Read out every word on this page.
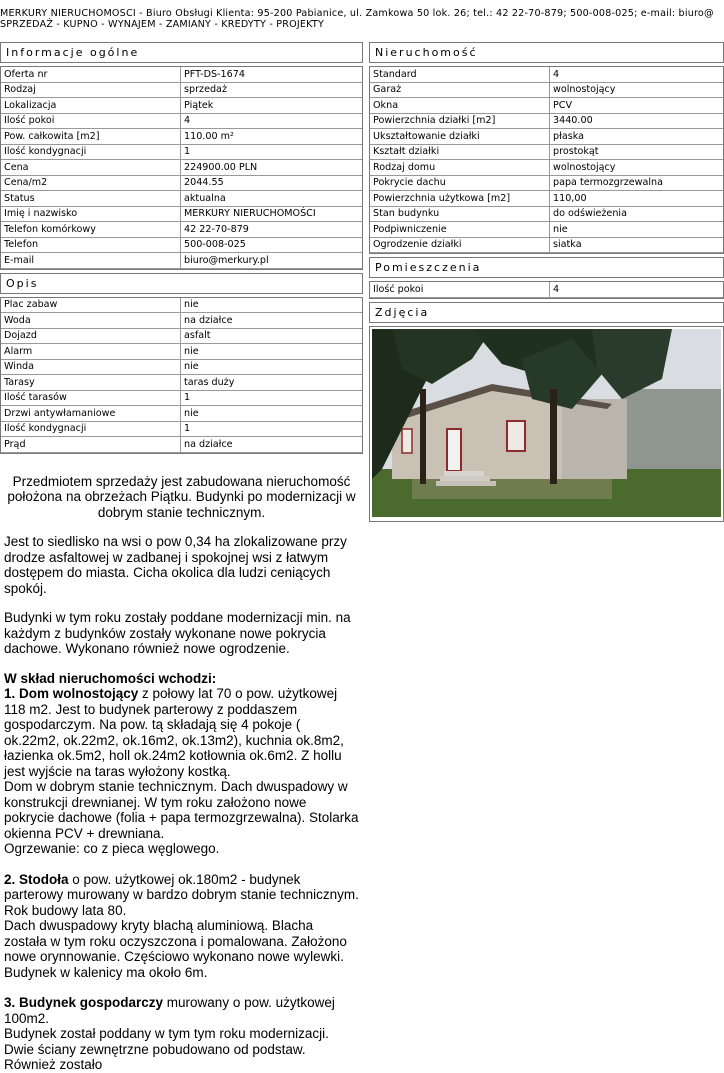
MERKURY NIERUCHOMOŚCI - Biuro Obsługi Klienta: 95-200 Pabianice, ul. Zamkowa 50 lok. 26; tel.: 42 22-70-879; 500-008-025; e-mail: biuro@
SPRZEDAŻ - KUPNO - WYNAJEM - ZAMIANY - KREDYTY - PROJEKTY
Informacje ogólne
Oferta nr	PFT-DS-1674
Rodzaj	sprzedaż
Lokalizacja	Piątek
Ilość pokoi	4
Pow. całkowita [m2]	110.00 m²
Ilość kondygnacji	1
Cena	224900.00 PLN
Cena/m2	2044.55
Status	aktualna
Imię i nazwisko	MERKURY NIERUCHOMOŚCI
Telefon komórkowy	42 22-70-879
Telefon	500-008-025
E-mail	biuro@merkury.pl
Opis
Plac zabaw	nie
Woda	na działce
Dojazd	asfalt
Alarm	nie
Winda	nie
Tarasy	taras duży
Ilość tarasów	1
Drzwi antywłamaniowe	nie
Ilość kondygnacji	1
Prąd	na działce

Przedmiotem sprzedaży jest zabudowana nieruchomość położona na obrzeżach Piątku. Budynki po modernizacji w dobrym stanie technicznym.

Jest to siedlisko na wsi o pow 0,34 ha zlokalizowane przy drodze asfaltowej w zadbanej i spokojnej wsi z łatwym dostępem do miasta. Cicha okolica dla ludzi ceniących spokój.

Budynki w tym roku zostały poddane modernizacji min. na każdym z budynków zostały wykonane nowe pokrycia dachowe. Wykonano również nowe ogrodzenie.

W skład nieruchomości wchodzi:

1. Dom wolnostojący z połowy lat 70 o pow. użytkowej 118 m2. Jest to budynek parterowy z poddaszem gospodarczym. Na pow. tą składają się 4 pokoje ( ok.22m2, ok.22m2, ok.16m2, ok.13m2), kuchnia ok.8m2, łazienka ok.5m2, holl ok.24m2 kotłownia ok.6m2. Z hollu jest wyjście na taras wyłożony kostką.

Dom w dobrym stanie technicznym. Dach dwuspadowy w konstrukcji drewnianej. W tym roku założono nowe pokrycie dachowe (folia + papa termozgrzewalna). Stolarka okienna PCV + drewniana.

Ogrzewanie: co z pieca węglowego.

2. Stodoła o pow. użytkowej ok.180m2 - budynek parterowy murowany w bardzo dobrym stanie technicznym. Rok budowy lata 80.

Dach dwuspadowy kryty blachą aluminiową. Blacha została w tym roku oczyszczona i pomalowana. Założono nowe orynnowanie. Częściowo wykonano nowe wylewki. Budynek w kalenicy ma około 6m.

3. Budynek gospodarczy murowany o pow. użytkowej 100m2.

Budynek został poddany w tym tym roku modernizacji. Dwie ściany zewnętrzne pobudowano od podstaw. Również zostało

Nieruchomość
Standard	4
Garaż	wolnostojący
Okna	PCV
Powierzchnia działki [m2]	3440.00
Ukształtowanie działki	płaska
Kształt działki	prostokąt
Rodzaj domu	wolnostojący
Pokrycie dachu	papa termozgrzewalna
Powierzchnia użytkowa [m2]	110,00
Stan budynku	do odświeżenia
Podpiwniczenie	nie
Ogrodzenie działki	siatka
Pomieszczenia
Ilość pokoi	4
Zdjęcia
